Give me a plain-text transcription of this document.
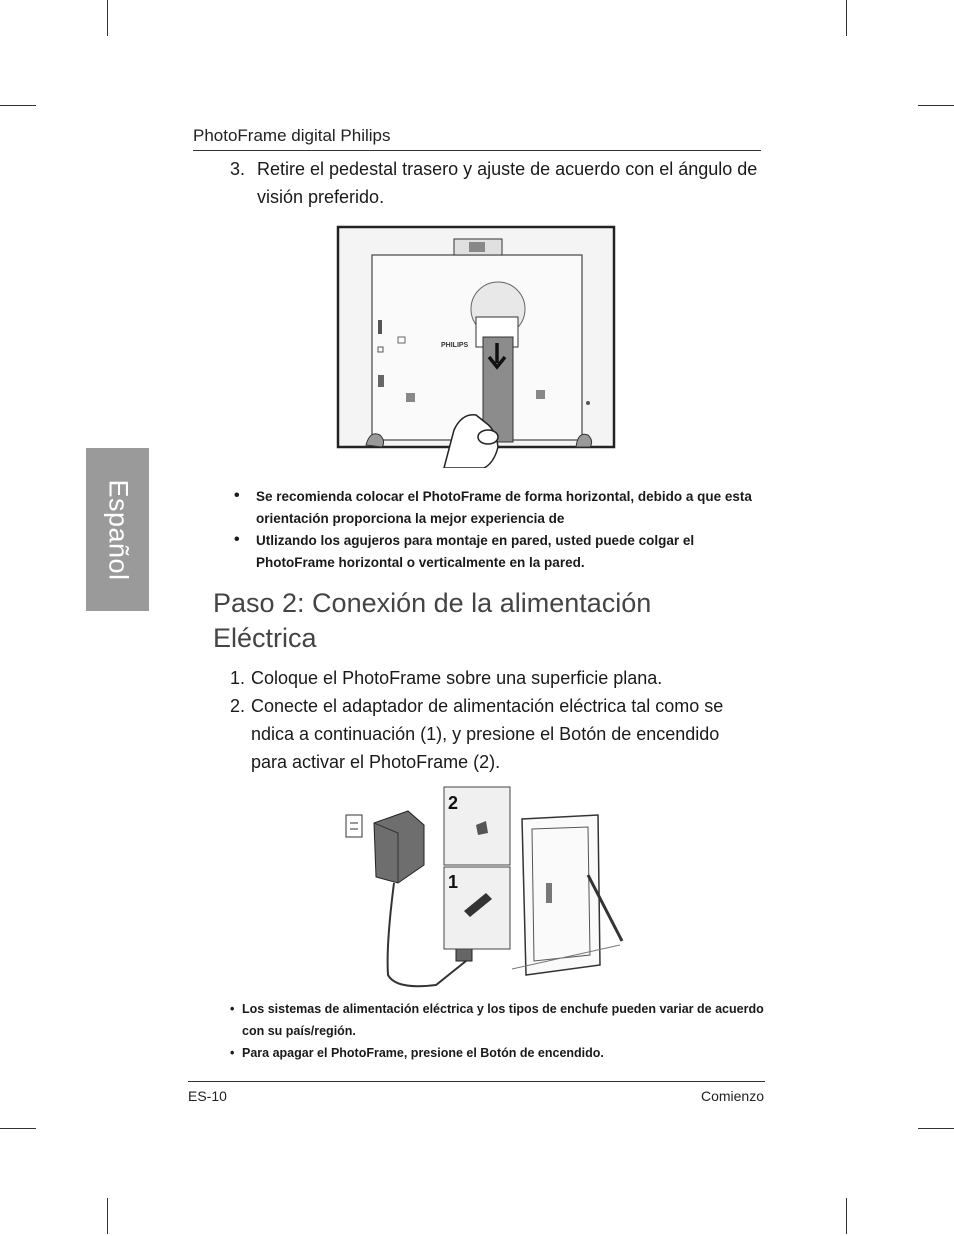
PhotoFrame digital Philips
Español
3. Retire el pedestal trasero y ajuste de acuerdo con el ángulo de visión preferido.
PHILIPS
• Se recomienda colocar el PhotoFrame de forma horizontal, debido a que esta orientación proporciona la mejor experiencia de
• Utlizando los agujeros para montaje en pared, usted puede colgar el PhotoFrame horizontal o verticalmente en la pared.
Paso 2: Conexión de la alimentación Eléctrica
1. Coloque el PhotoFrame sobre una superficie plana.
2. Conecte el adaptador de alimentación eléctrica tal como se ndica a continuación (1), y presione el Botón de encendido para activar el PhotoFrame (2).
2
1
• Los sistemas de alimentación eléctrica y los tipos de enchufe pueden variar de acuerdo con su país/región.
• Para apagar el PhotoFrame, presione el Botón de encendido.
ES-10	Comienzo
